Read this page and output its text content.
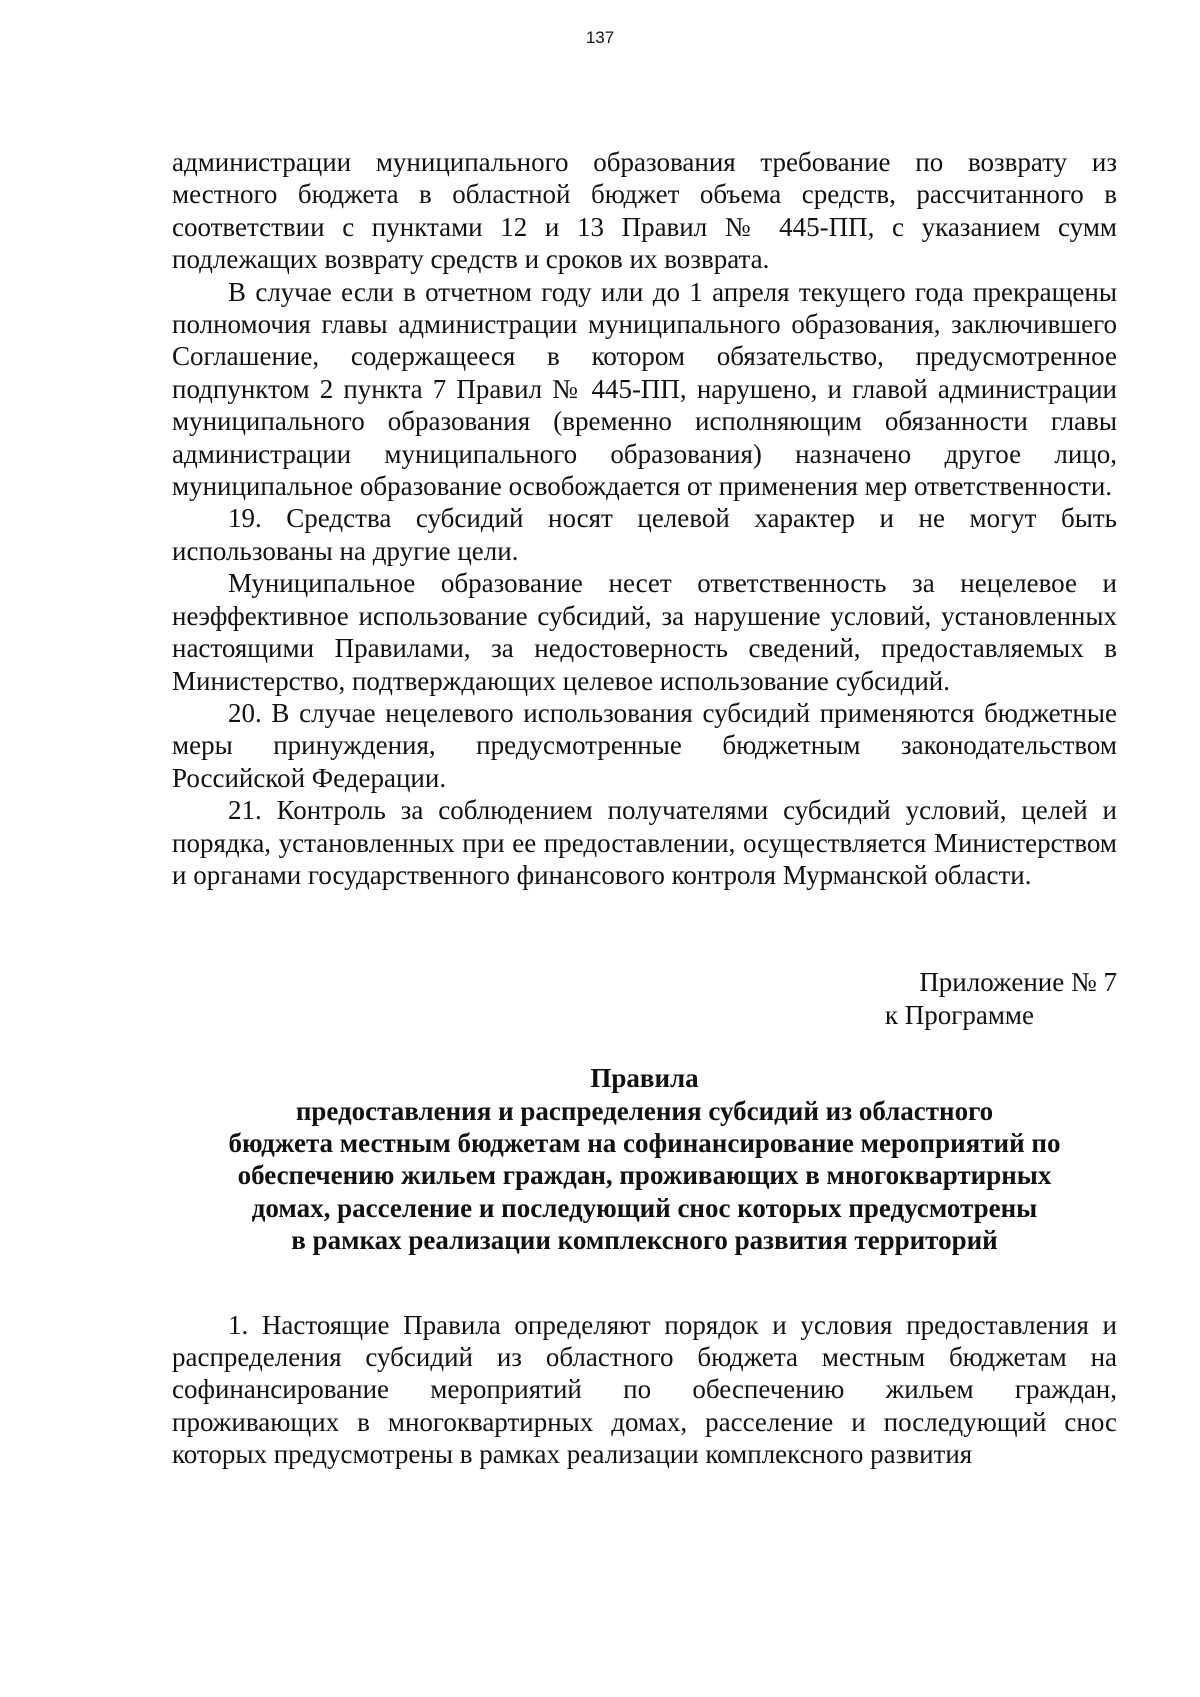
137

администрации муниципального образования требование по возврату из местного бюджета в областной бюджет объема средств, рассчитанного в соответствии с пунктами 12 и 13 Правил № 445-ПП, с указанием сумм подлежащих возврату средств и сроков их возврата.

В случае если в отчетном году или до 1 апреля текущего года прекращены полномочия главы администрации муниципального образования, заключившего Соглашение, содержащееся в котором обязательство, предусмотренное подпунктом 2 пункта 7 Правил № 445-ПП, нарушено, и главой администрации муниципального образования (временно исполняющим обязанности главы администрации муниципального образования) назначено другое лицо, муниципальное образование освобождается от применения мер ответственности.

19. Средства субсидий носят целевой характер и не могут быть использованы на другие цели.

Муниципальное образование несет ответственность за нецелевое и неэффективное использование субсидий, за нарушение условий, установленных настоящими Правилами, за недостоверность сведений, предоставляемых в Министерство, подтверждающих целевое использование субсидий.

20. В случае нецелевого использования субсидий применяются бюджетные меры принуждения, предусмотренные бюджетным законодательством Российской Федерации.

21. Контроль за соблюдением получателями субсидий условий, целей и порядка, установленных при ее предоставлении, осуществляется Министерством и органами государственного финансового контроля Мурманской области.

Приложение № 7
к Программе
Правила
предоставления и распределения субсидий из областного
бюджета местным бюджетам на софинансирование мероприятий по
обеспечению жильем граждан, проживающих в многоквартирных
домах, расселение и последующий снос которых предусмотрены
в рамках реализации комплексного развития территорий

1. Настоящие Правила определяют порядок и условия предоставления и распределения субсидий из областного бюджета местным бюджетам на софинансирование мероприятий по обеспечению жильем граждан, проживающих в многоквартирных домах, расселение и последующий снос которых предусмотрены в рамках реализации комплексного развития
